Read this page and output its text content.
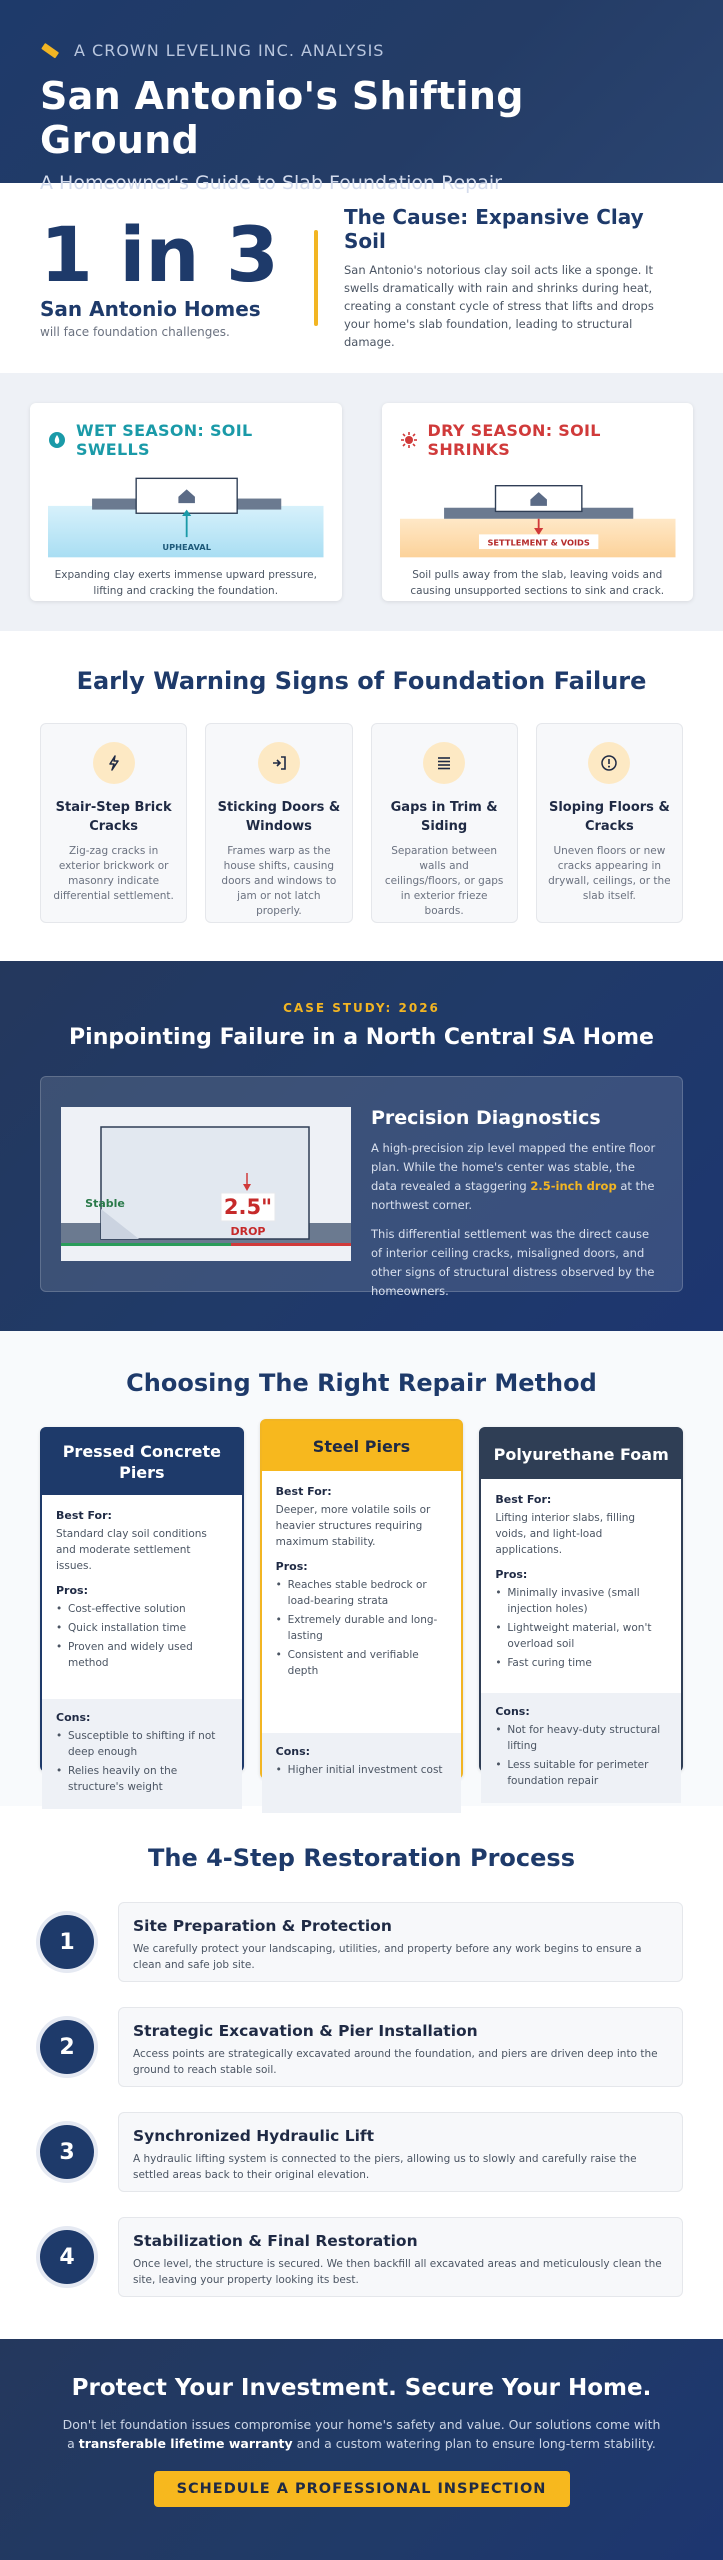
A CROWN LEVELING INC. ANALYSIS
San Antonio's Shifting Ground
A Homeowner's Guide to Slab Foundation Repair
1 in 3
San Antonio Homes
will face foundation challenges.
The Cause: Expansive Clay Soil

San Antonio's notorious clay soil acts like a sponge. It swells dramatically with rain and shrinks during heat, creating a constant cycle of stress that lifts and drops your home's slab foundation, leading to structural damage.

WET SEASON: SOIL SWELLS
UPHEAVAL
Expanding clay exerts immense upward pressure, lifting and cracking the foundation.
DRY SEASON: SOIL SHRINKS
SETTLEMENT & VOIDS
Soil pulls away from the slab, leaving voids and causing unsupported sections to sink and crack.
Early Warning Signs of Foundation Failure
Stair-Step Brick Cracks
Zig-zag cracks in exterior brickwork or masonry indicate differential settlement.
Sticking Doors & Windows
Frames warp as the house shifts, causing doors and windows to jam or not latch properly.
Gaps in Trim & Siding
Separation between walls and ceilings/floors, or gaps in exterior frieze boards.
Sloping Floors & Cracks
Uneven floors or new cracks appearing in drywall, ceilings, or the slab itself.
CASE STUDY: 2026
Pinpointing Failure in a North Central SA Home
Stable	2.5"
DROP
Precision Diagnostics

A high-precision zip level mapped the entire floor plan. While the home's center was stable, the data revealed a staggering 2.5-inch drop at the northwest corner.

This differential settlement was the direct cause of interior ceiling cracks, misaligned doors, and other signs of structural distress observed by the homeowners.

Choosing The Right Repair Method
Pressed Concrete Piers
Best For:
Standard clay soil conditions and moderate settlement issues.
Pros:
• Cost-effective solution
• Quick installation time
• Proven and widely used method
Cons:
• Susceptible to shifting if not deep enough
• Relies heavily on the structure's weight
Steel Piers
Best For:
Deeper, more volatile soils or heavier structures requiring maximum stability.
Pros:
• Reaches stable bedrock or load-bearing strata
• Extremely durable and long-lasting
• Consistent and verifiable depth
Cons:
• Higher initial investment cost
Polyurethane Foam
Best For:
Lifting interior slabs, filling voids, and light-load applications.
Pros:
• Minimally invasive (small injection holes)
• Lightweight material, won't overload soil
• Fast curing time
Cons:
• Not for heavy-duty structural lifting
• Less suitable for perimeter foundation repair
The 4-Step Restoration Process
1
Site Preparation & Protection
We carefully protect your landscaping, utilities, and property before any work begins to ensure a clean and safe job site.
2
Strategic Excavation & Pier Installation
Access points are strategically excavated around the foundation, and piers are driven deep into the ground to reach stable soil.
3
Synchronized Hydraulic Lift
A hydraulic lifting system is connected to the piers, allowing us to slowly and carefully raise the settled areas back to their original elevation.
4
Stabilization & Final Restoration
Once level, the structure is secured. We then backfill all excavated areas and meticulously clean the site, leaving your property looking its best.
Protect Your Investment. Secure Your Home.

Don't let foundation issues compromise your home's safety and value. Our solutions come with a transferable lifetime warranty and a custom watering plan to ensure long-term stability.

SCHEDULE A PROFESSIONAL INSPECTION
